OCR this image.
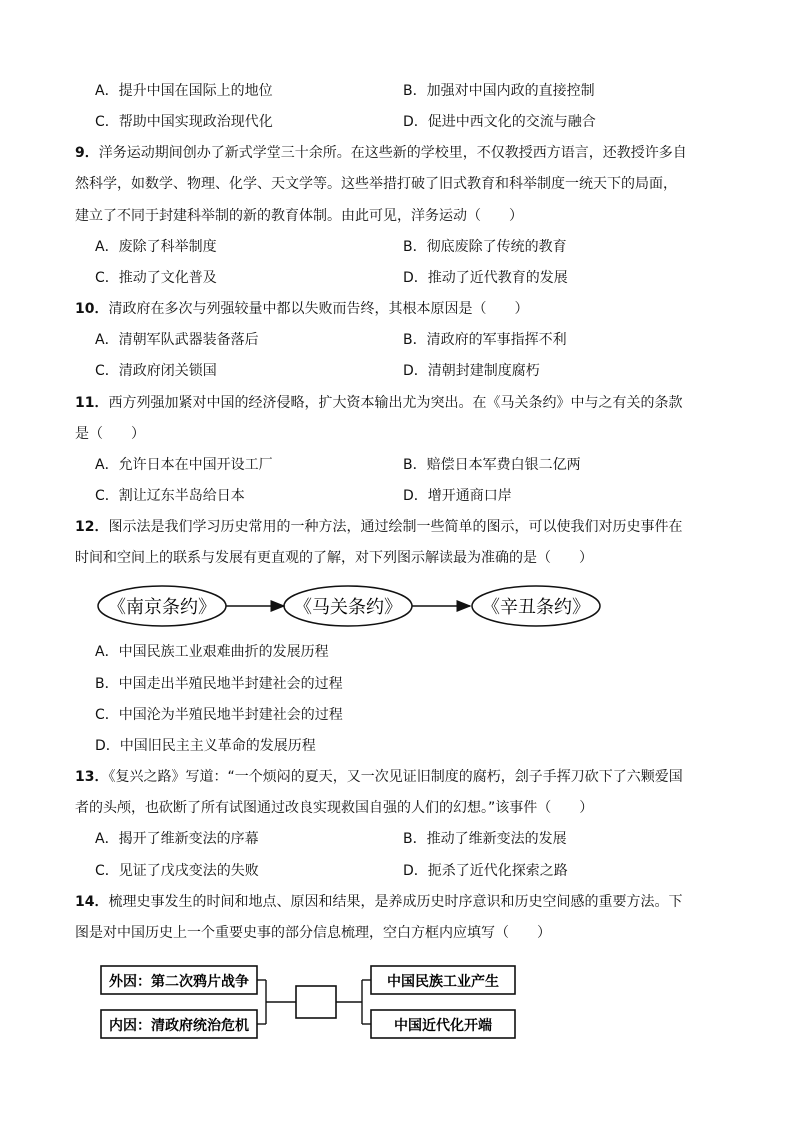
A．提升中国在国际上的地位	B．加强对中国内政的直接控制
C．帮助中国实现政治现代化	D．促进中西文化的交流与融合
9．洋务运动期间创办了新式学堂三十余所。在这些新的学校里，不仅教授西方语言，还教授许多自
然科学，如数学、物理、化学、天文学等。这些举措打破了旧式教育和科举制度一统天下的局面，
建立了不同于封建科举制的新的教育体制。由此可见，洋务运动（　　）
A．废除了科举制度	B．彻底废除了传统的教育
C．推动了文化普及	D．推动了近代教育的发展
10．清政府在多次与列强较量中都以失败而告终，其根本原因是（　　）
A．清朝军队武器装备落后	B．清政府的军事指挥不利
C．清政府闭关锁国	D．清朝封建制度腐朽
11．西方列强加紧对中国的经济侵略，扩大资本输出尤为突出。在《马关条约》中与之有关的条款
是（　　）
A．允许日本在中国开设工厂	B．赔偿日本军费白银二亿两
C．割让辽东半岛给日本	D．增开通商口岸
12．图示法是我们学习历史常用的一种方法，通过绘制一些简单的图示，可以使我们对历史事件在
时间和空间上的联系与发展有更直观的了解，对下列图示解读最为准确的是（　　）
《南京条约》	《马关条约》	《辛丑条约》
A．中国民族工业艰难曲折的发展历程
B．中国走出半殖民地半封建社会的过程
C．中国沦为半殖民地半封建社会的过程
D．中国旧民主主义革命的发展历程
13．《复兴之路》写道：“一个烦闷的夏天，又一次见证旧制度的腐朽，刽子手挥刀砍下了六颗爱国
者的头颅，也砍断了所有试图通过改良实现救国自强的人们的幻想。”该事件（　　）
A．揭开了维新变法的序幕	B．推动了维新变法的发展
C．见证了戊戌变法的失败	D．扼杀了近代化探索之路
14．梳理史事发生的时间和地点、原因和结果，是养成历史时序意识和历史空间感的重要方法。下
图是对中国历史上一个重要史事的部分信息梳理，空白方框内应填写（　　）
外因：第二次鸦片战争
内因：清政府统治危机
中国民族工业产生
中国近代化开端
